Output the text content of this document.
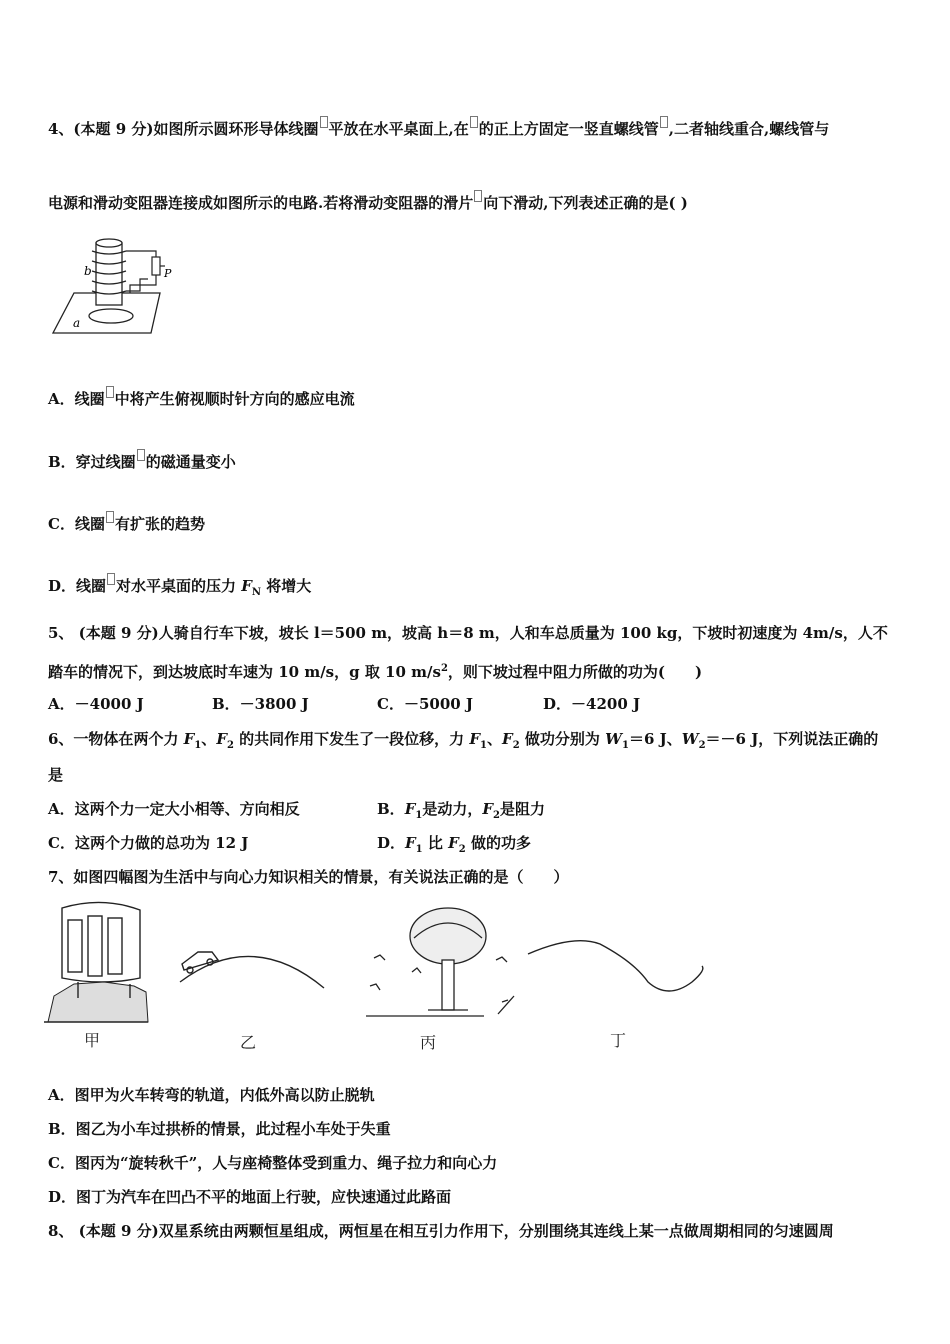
4、(本题 9 分)如图所示圆环形导体线圈 平放在水平桌面上,在 的正上方固定一竖直螺线管 ,二者轴线重合,螺线管与
电源和滑动变阻器连接成如图所示的电路.若将滑动变阻器的滑片 向下滑动,下列表述正确的是( )
b	P
a
A．线圈 中将产生俯视顺时针方向的感应电流
B．穿过线圈 的磁通量变小
C．线圈 有扩张的趋势
D．线圈 对水平桌面的压力 $F_N$ 将增大
5、 (本题 9 分)人骑自行车下坡，坡长 l＝500 m，坡高 h＝8 m，人和车总质量为 100 kg，下坡时初速度为 4m/s，人不
踏车的情况下，到达坡底时车速为 10 m/s，g 取 10 $m/s^2$，则下坡过程中阻力所做的功为(　　)
A．－4000 J	B．－3800 J	C．－5000 J	D．－4200 J
6、一物体在两个力 $F_1$、$F_2$ 的共同作用下发生了一段位移，力 $F_1$、$F_2$ 做功分别为 $W_1=6$ J、$W_2=-6$ J，下列说法正确的
是
A．这两个力一定大小相等、方向相反	B．$F_1$是动力，$F_2$是阻力
C．这两个力做的总功为 12 J	D．$F_1$ 比 $F_2$ 做的功多
7、如图四幅图为生活中与向心力知识相关的情景，有关说法正确的是（　　）
甲	乙	丙	丁
A．图甲为火车转弯的轨道，内低外高以防止脱轨
B．图乙为小车过拱桥的情景，此过程小车处于失重
C．图丙为“旋转秋千”，人与座椅整体受到重力、绳子拉力和向心力
D．图丁为汽车在凹凸不平的地面上行驶，应快速通过此路面
8、 (本题 9 分)双星系统由两颗恒星组成，两恒星在相互引力作用下，分别围绕其连线上某一点做周期相同的匀速圆周
